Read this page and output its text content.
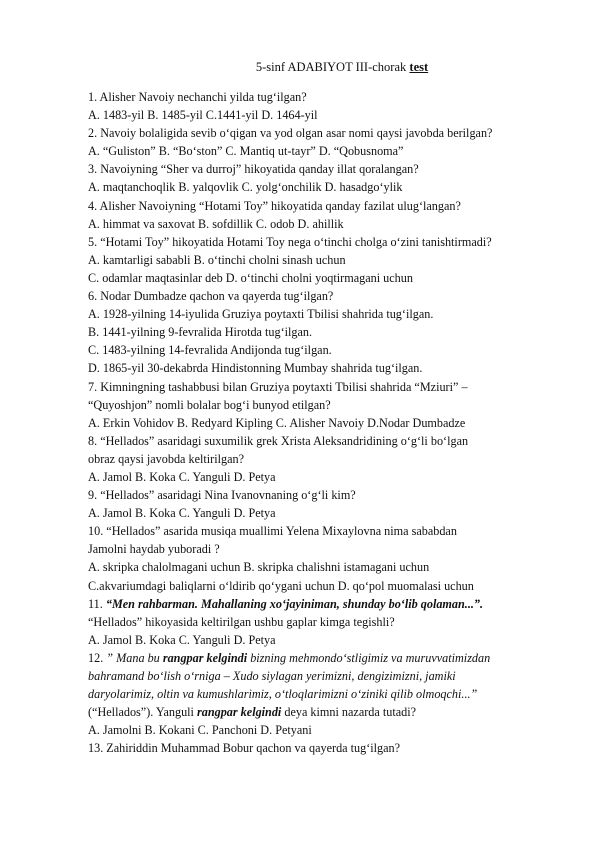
5-sinf ADABIYOT III-chorak test
1. Alisher Navoiy nechanchi yilda tug‘ilgan?
A. 1483-yil B. 1485-yil C.1441-yil D. 1464-yil
2. Navoiy bolaligida sevib o‘qigan va yod olgan asar nomi qaysi javobda berilgan?
A. “Guliston” B. “Bo‘ston” C. Mantiq ut-tayr” D. “Qobusnoma”
3. Navoiyning “Sher va durroj” hikoyatida qanday illat qoralangan?
A. maqtanchoqlik B. yalqovlik C. yolg‘onchilik D. hasadgo‘ylik
4. Alisher Navoiyning “Hotami Toy” hikoyatida qanday fazilat ulug‘langan?
A. himmat va saxovat B. sofdillik C. odob D. ahillik
5. “Hotami Toy” hikoyatida Hotami Toy nega o‘tinchi cholga o‘zini tanishtirmadi?
A. kamtarligi sababli B. o‘tinchi cholni sinash uchun
C. odamlar maqtasinlar deb D. o‘tinchi cholni yoqtirmagani uchun
6. Nodar Dumbadze qachon va qayerda tug‘ilgan?
A. 1928-yilning 14-iyulida Gruziya poytaxti Tbilisi shahrida tug‘ilgan.
B. 1441-yilning 9-fevralida Hirotda tug‘ilgan.
C. 1483-yilning 14-fevralida Andijonda tug‘ilgan.
D. 1865-yil 30-dekabrda Hindistonning Mumbay shahrida tug‘ilgan.
7. Kimningning tashabbusi bilan Gruziya poytaxti Tbilisi shahrida “Mziuri” –
“Quyoshjon” nomli bolalar bog‘i bunyod etilgan?
A. Erkin Vohidov B. Redyard Kipling C. Alisher Navoiy D.Nodar Dumbadze
8. “Hellados” asaridagi suxumilik grek Xrista Aleksandridining o‘g‘li bo‘lgan
obraz qaysi javobda keltirilgan?
A. Jamol B. Koka C. Yanguli D. Petya
9. “Hellados” asaridagi Nina Ivanovnaning o‘g‘li kim?
A. Jamol B. Koka C. Yanguli D. Petya
10. “Hellados” asarida musiqa muallimi Yelena Mixaylovna nima sababdan
Jamolni haydab yuboradi ?
A. skripka chalolmagani uchun B. skripka chalishni istamagani uchun
C.akvariumdagi baliqlarni o‘ldirib qo‘ygani uchun D. qo‘pol muomalasi uchun
11. “Men rahbarman. Mahallaning xo‘jayiniman, shunday bo‘lib qolaman...”.
“Hellados” hikoyasida keltirilgan ushbu gaplar kimga tegishli?
A. Jamol B. Koka C. Yanguli D. Petya
12. ” Mana bu rangpar kelgindi bizning mehmondo‘stligimiz va muruvvatimizdan
bahramand bo‘lish o‘rniga – Xudo siylagan yerimizni, dengizimizni, jamiki
daryolarimiz, oltin va kumushlarimiz, o‘tloqlarimizni o‘ziniki qilib olmoqchi...”
(“Hellados”). Yanguli rangpar kelgindi deya kimni nazarda tutadi?
A. Jamolni B. Kokani C. Panchoni D. Petyani
13. Zahiriddin Muhammad Bobur qachon va qayerda tug‘ilgan?
